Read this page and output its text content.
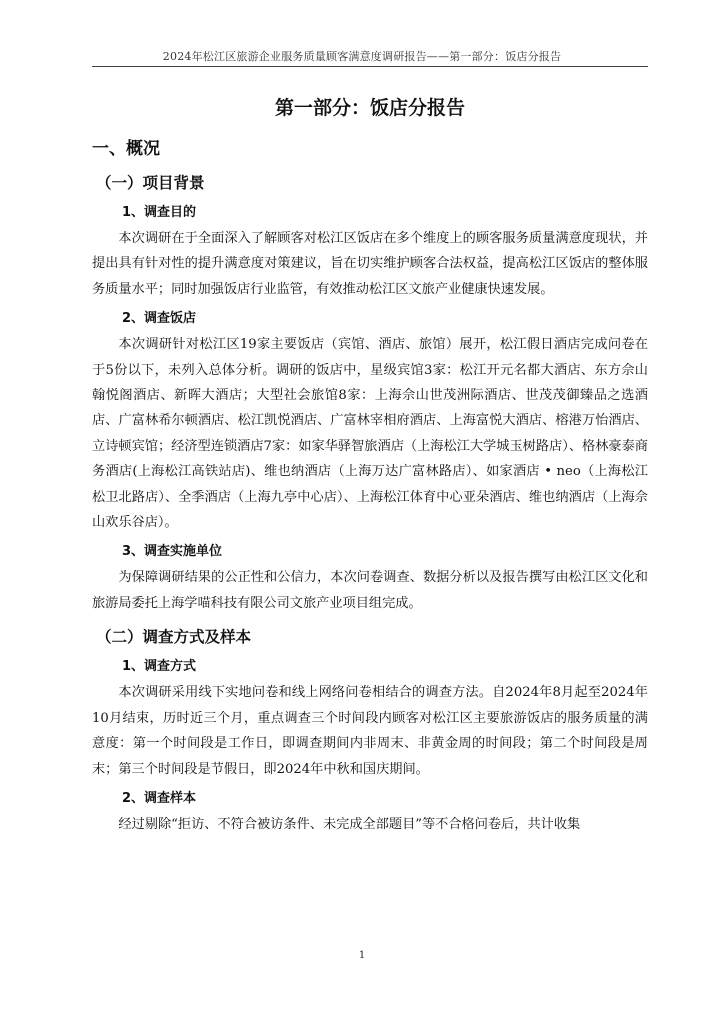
2024年松江区旅游企业服务质量顾客满意度调研报告——第一部分：饭店分报告
第一部分：饭店分报告
一、概况
（一）项目背景
1、调查目的

本次调研在于全面深入了解顾客对松江区饭店在多个维度上的顾客服务质量满意度现状，并提出具有针对性的提升满意度对策建议，旨在切实维护顾客合法权益，提高松江区饭店的整体服务质量水平；同时加强饭店行业监管，有效推动松江区文旅产业健康快速发展。

2、调查饭店

本次调研针对松江区19家主要饭店（宾馆、酒店、旅馆）展开，松江假日酒店完成问卷在于5份以下，未列入总体分析。调研的饭店中，星级宾馆3家：松江开元名都大酒店、东方佘山翰悦阁酒店、新晖大酒店；大型社会旅馆8家：上海佘山世茂洲际酒店、世茂茂御臻品之选酒店、广富林希尔顿酒店、松江凯悦酒店、广富林宰相府酒店、上海富悦大酒店、榕港万怡酒店、立诗顿宾馆；经济型连锁酒店7家：如家华驿智旅酒店（上海松江大学城玉树路店）、格林豪泰商务酒店(上海松江高铁站店)、维也纳酒店（上海万达广富林路店）、如家酒店 • neo（上海松江松卫北路店）、全季酒店（上海九亭中心店）、上海松江体育中心亚朵酒店、维也纳酒店（上海佘山欢乐谷店）。

3、调查实施单位

为保障调研结果的公正性和公信力，本次问卷调查、数据分析以及报告撰写由松江区文化和旅游局委托上海学喵科技有限公司文旅产业项目组完成。

（二）调查方式及样本
1、调查方式

本次调研采用线下实地问卷和线上网络问卷相结合的调查方法。自2024年8月起至2024年10月结束，历时近三个月，重点调查三个时间段内顾客对松江区主要旅游饭店的服务质量的满意度：第一个时间段是工作日，即调查期间内非周末、非黄金周的时间段；第二个时间段是周末；第三个时间段是节假日，即2024年中秋和国庆期间。

2、调查样本

经过剔除“拒访、不符合被访条件、未完成全部题目”等不合格问卷后，共计收集

1
